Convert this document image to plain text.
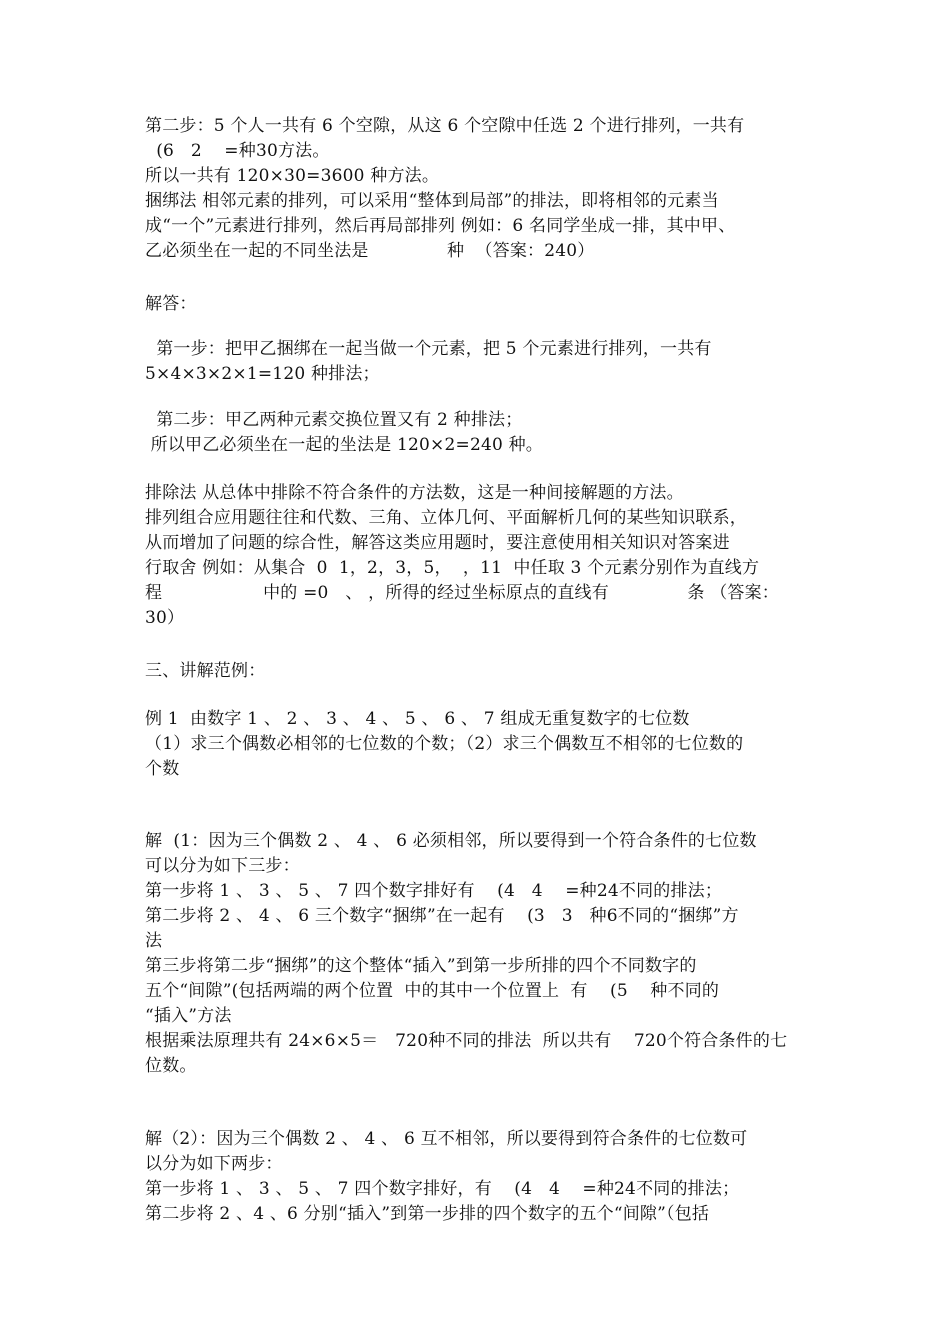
第二步：5 个人一共有 6 个空隙，从这 6 个空隙中任选 2 个进行排列，一共有
(6   2    =种30方法。
所以一共有 120×30=3600 种方法。
捆绑法 相邻元素的排列，可以采用“整体到局部”的排法，即将相邻的元素当
成“一个”元素进行排列，然后再局部排列 例如：6 名同学坐成一排，其中甲、
乙必须坐在一起的不同坐法是              种  （答案：240）
解答：
第一步：把甲乙捆绑在一起当做一个元素，把 5 个元素进行排列，一共有
5×4×3×2×1=120 种排法；
第二步：甲乙两种元素交换位置又有 2 种排法；
所以甲乙必须坐在一起的坐法是 120×2=240 种。
排除法 从总体中排除不符合条件的方法数，这是一种间接解题的方法。
排列组合应用题往往和代数、三角、立体几何、平面解析几何的某些知识联系，
从而增加了问题的综合性，解答这类应用题时，要注意使用相关知识对答案进
行取舍 例如：从集合  0  1，2，3，5，  ，11  中任取 3 个元素分别作为直线方
程                  中的 =0   、 ，所得的经过坐标原点的直线有              条 （答案：
30）
三、讲解范例：
例 1  由数字 1 、 2 、 3 、 4 、 5 、 6 、 7 组成无重复数字的七位数
（1）求三个偶数必相邻的七位数的个数；（2）求三个偶数互不相邻的七位数的
个数
解  (1：因为三个偶数 2 、 4 、 6 必须相邻，所以要得到一个符合条件的七位数
可以分为如下三步：
第一步将 1 、 3 、 5 、 7 四个数字排好有    (4   4    =种24不同的排法；
第二步将 2 、 4 、 6 三个数字“捆绑”在一起有    (3   3   种6不同的“捆绑”方
法
第三步将第二步“捆绑”的这个整体“插入”到第一步所排的四个不同数字的
五个“间隙”(包括两端的两个位置  中的其中一个位置上  有    (5    种不同的
“插入”方法
根据乘法原理共有 24×6×5＝   720种不同的排法  所以共有    720个符合条件的七
位数。
解（2）：因为三个偶数 2 、 4 、 6 互不相邻，所以要得到符合条件的七位数可
以分为如下两步：
第一步将 1 、 3 、 5 、 7 四个数字排好，有    (4   4    =种24不同的排法；
第二步将 2 、4 、6 分别“插入”到第一步排的四个数字的五个“间隙”（包括
